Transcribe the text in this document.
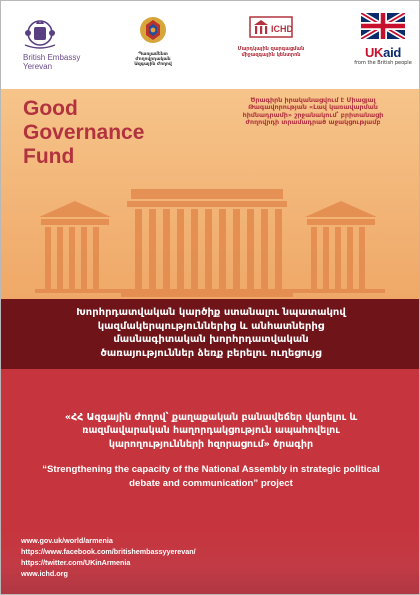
British Embassy
Yerevan
Պառլամենտ
Ժողովրդական
Ազգային Ժողով
ICHD
Մարդկային զարգացման
միջազգային կենտրոն	UKaid
from the British people
Good
Governance
Fund
Ծրագիրն իրականացվում է Միացյալ
Թագավորության «Լավ կառավարման
հիմնադրամի» շրջանակում՝ բրիտանացի
ժողովրդի տրամադրած աջակցությամբ
Խորհրդատվական կարծիք ստանալու նպատակով
կազմակերպություններից և անհատներից
մասնագիտական խորհրդատվական
ծառայություններ ձեռք բերելու ուղեցույց
«ՀՀ Ազգային ժողով՝ քաղաքական բանավեճեր վարելու և
ռազմավարական հաղորդակցություն ապահովելու
կարողությունների հզորացում» ծրագիր
“Strengthening the capacity of the National Assembly in strategic political
debate and communication” project
www.gov.uk/world/armenia
https://www.facebook.com/britishembassyyerevan/
https://twitter.com/UKinArmenia
www.ichd.org
